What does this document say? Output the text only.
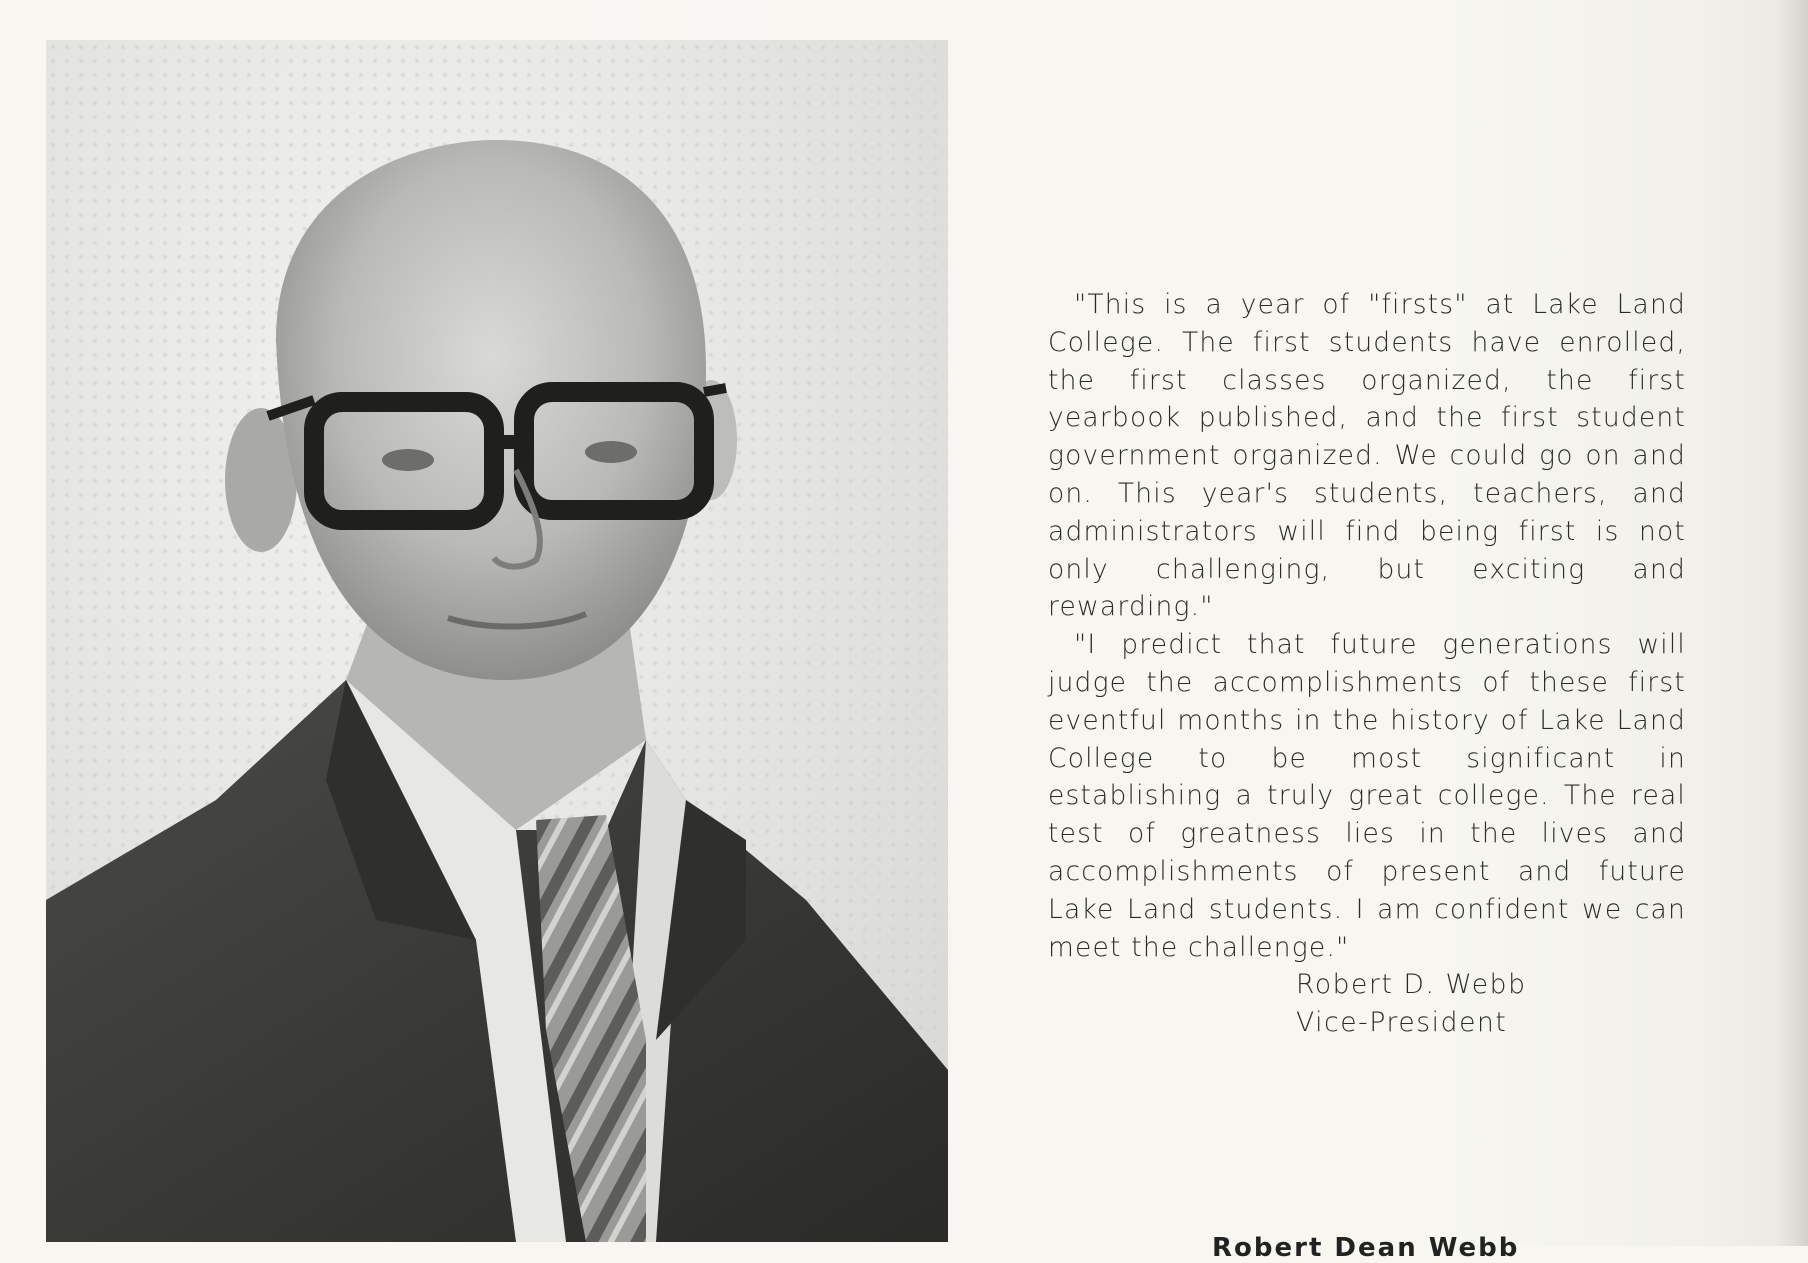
"This is a year of "firsts" at Lake Land College. The first students have enrolled, the first classes organized, the first yearbook published, and the first student government organized. We could go on and on. This year's students, teachers, and administrators will find being first is not only challenging, but exciting and rewarding."

"I predict that future generations will judge the accomplishments of these first eventful months in the history of Lake Land College to be most significant in establishing a truly great college. The real test of greatness lies in the lives and accomplishments of present and future Lake Land students. I am confident we can meet the challenge."

Robert D. Webb
Vice-President
Robert Dean Webb
